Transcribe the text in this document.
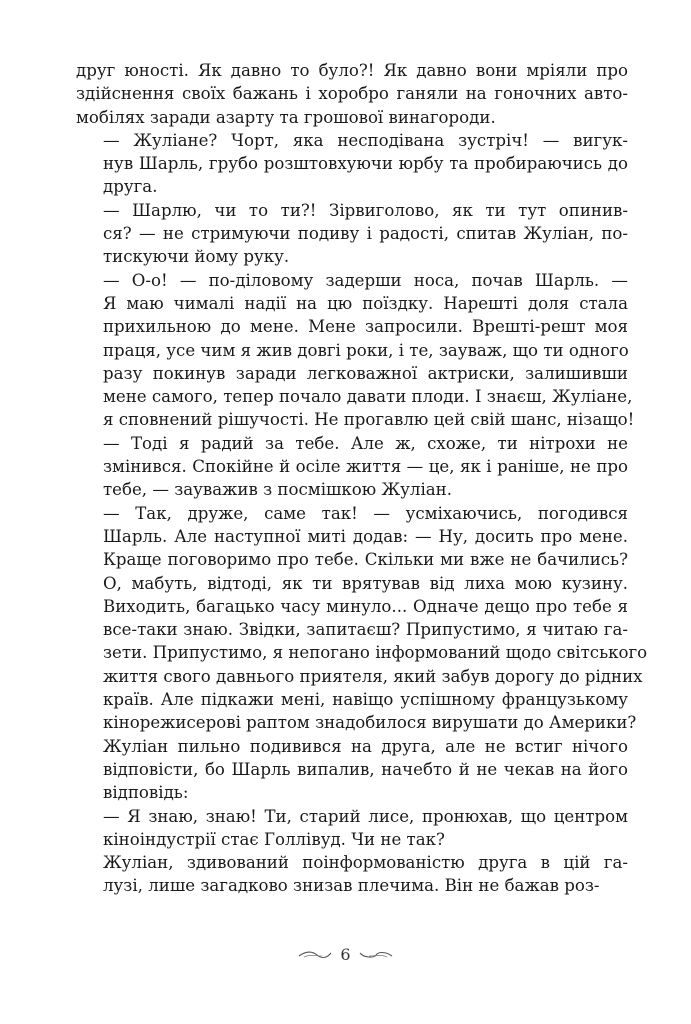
друг юності. Як давно то було?! Як давно вони мріяли про
здійснення своїх бажань і хоробро ганяли на гоночних авто-
мобілях заради азарту та грошової винагороди.

— Жуліане? Чорт, яка несподівана зустріч! — вигук-
нув Шарль, грубо розштовхуючи юрбу та пробираючись до
друга.

— Шарлю, чи то ти?! Зірвиголово, як ти тут опинив-
ся? — не стримуючи подиву і радості, спитав Жуліан, по-
тискуючи йому руку.

— О-о! — по-діловому задерши носа, почав Шарль. —
Я маю чималі надії на цю поїздку. Нарешті доля стала
прихильною до мене. Мене запросили. Врешті-решт моя
праця, усе чим я жив довгі роки, і те, зауваж, що ти одного
разу покинув заради легковажної актриски, залишивши
мене самого, тепер почало давати плоди. І знаєш, Жуліане,
я сповнений рішучості. Не прогавлю цей свій шанс, нізащо!

— Тоді я радий за тебе. Але ж, схоже, ти нітрохи не
змінився. Спокійне й осіле життя — це, як і раніше, не про
тебе, — зауважив з посмішкою Жуліан.

— Так, друже, саме так! — усміхаючись, погодився
Шарль. Але наступної миті додав: — Ну, досить про мене.
Краще поговоримо про тебе. Скільки ми вже не бачились?
О, мабуть, відтоді, як ти врятував від лиха мою кузину.
Виходить, багацько часу минуло... Одначе дещо про тебе я
все-таки знаю. Звідки, запитаєш? Припустимо, я читаю га-
зети. Припустимо, я непогано інформований щодо світського
життя свого давнього приятеля, який забув дорогу до рідних
країв. Але підкажи мені, навіщо успішному французькому
кінорежисерові раптом знадобилося вирушати до Америки?

Жуліан пильно подивився на друга, але не встиг нічого
відповісти, бо Шарль випалив, начебто й не чекав на його
відповідь:

— Я знаю, знаю! Ти, старий лисе, пронюхав, що центром
кіноіндустрії стає Голлівуд. Чи не так?

Жуліан, здивований поінформованістю друга в цій га-
лузі, лише загадково знизав плечима. Він не бажав роз-

6
